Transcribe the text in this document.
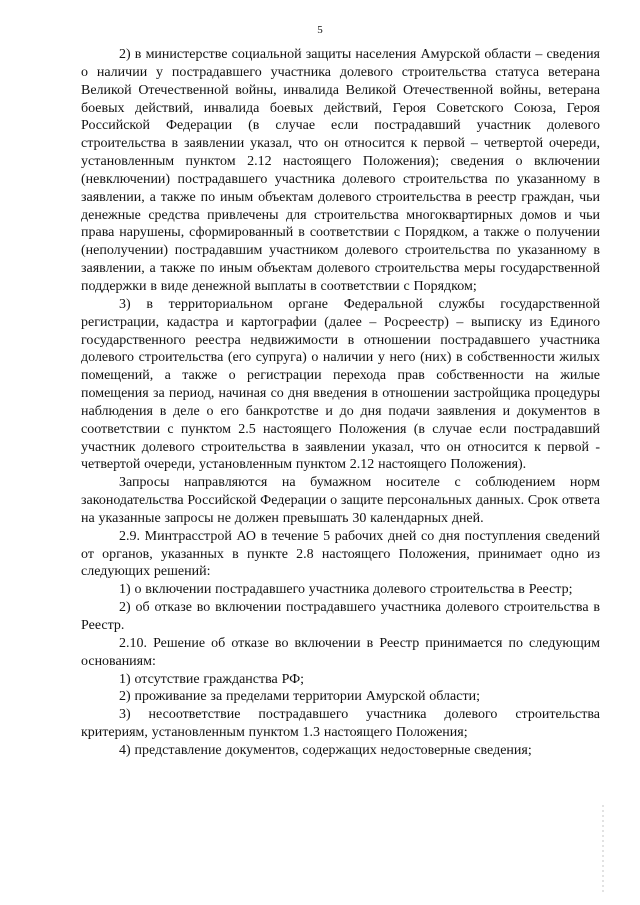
5

2) в министерстве социальной защиты населения Амурской области – сведения о наличии у пострадавшего участника долевого строительства статуса ветерана Великой Отечественной войны, инвалида Великой Отечественной войны, ветерана боевых действий, инвалида боевых действий, Героя Советского Союза, Героя Российской Федерации (в случае если пострадавший участник долевого строительства в заявлении указал, что он относится к первой – четвертой очереди, установленным пунктом 2.12 настоящего Положения); сведения о включении (невключении) пострадавшего участника долевого строительства по указанному в заявлении, а также по иным объектам долевого строительства в реестр граждан, чьи денежные средства привлечены для строительства многоквартирных домов и чьи права нарушены, сформированный в соответствии с Порядком, а также о получении (неполучении) пострадавшим участником долевого строительства по указанному в заявлении, а также по иным объектам долевого строительства меры государственной поддержки в виде денежной выплаты в соответствии с Порядком;

3) в территориальном органе Федеральной службы государственной регистрации, кадастра и картографии (далее – Росреестр) – выписку из Единого государственного реестра недвижимости в отношении пострадавшего участника долевого строительства (его супруга) о наличии у него (них) в собственности жилых помещений, а также о регистрации перехода прав собственности на жилые помещения за период, начиная со дня введения в отношении застройщика процедуры наблюдения в деле о его банкротстве и до дня подачи заявления и документов в соответствии с пунктом 2.5 настоящего Положения (в случае если пострадавший участник долевого строительства в заявлении указал, что он относится к первой - четвертой очереди, установленным пунктом 2.12 настоящего Положения).

Запросы направляются на бумажном носителе с соблюдением норм законодательства Российской Федерации о защите персональных данных. Срок ответа на указанные запросы не должен превышать 30 календарных дней.

2.9. Минтрасстрой АО в течение 5 рабочих дней со дня поступления сведений от органов, указанных в пункте 2.8 настоящего Положения, принимает одно из следующих решений:

1) о включении пострадавшего участника долевого строительства в Реестр;

2) об отказе во включении пострадавшего участника долевого строительства в Реестр.

2.10. Решение об отказе во включении в Реестр принимается по следующим основаниям:

1) отсутствие гражданства РФ;

2) проживание за пределами территории Амурской области;

3) несоответствие пострадавшего участника долевого строительства критериям, установленным пунктом 1.3 настоящего Положения;

4) представление документов, содержащих недостоверные сведения;
